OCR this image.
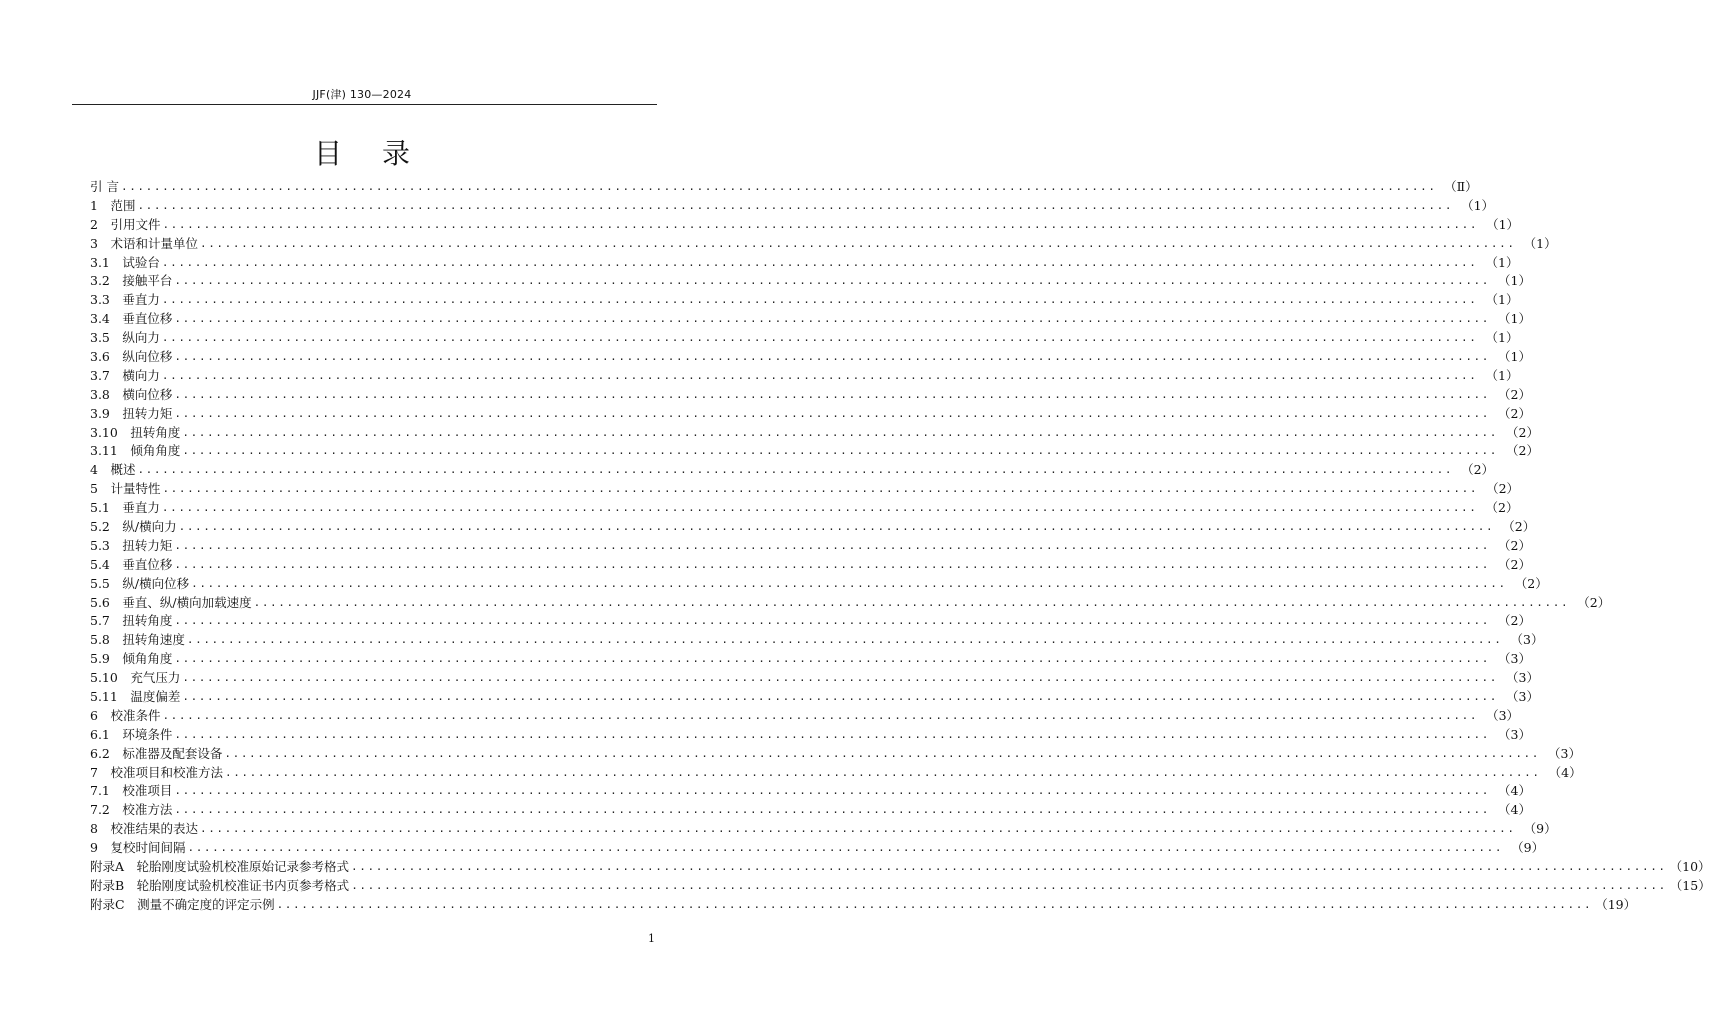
JJF(津) 130—2024
目录
引 言 ................................................................................................................................................................ （Ⅱ）
1　范围 ................................................................................................................................................................ （1）
2　引用文件 ................................................................................................................................................................ （1）
3　术语和计量单位 ................................................................................................................................................................ （1）
3.1　试验台 ................................................................................................................................................................ （1）
3.2　接触平台 ................................................................................................................................................................ （1）
3.3　垂直力 ................................................................................................................................................................ （1）
3.4　垂直位移 ................................................................................................................................................................ （1）
3.5　纵向力 ................................................................................................................................................................ （1）
3.6　纵向位移 ................................................................................................................................................................ （1）
3.7　横向力 ................................................................................................................................................................ （1）
3.8　横向位移 ................................................................................................................................................................ （2）
3.9　扭转力矩 ................................................................................................................................................................ （2）
3.10　扭转角度 ................................................................................................................................................................ （2）
3.11　倾角角度 ................................................................................................................................................................ （2）
4　概述 ................................................................................................................................................................ （2）
5　计量特性 ................................................................................................................................................................ （2）
5.1　垂直力 ................................................................................................................................................................ （2）
5.2　纵/横向力 ................................................................................................................................................................ （2）
5.3　扭转力矩 ................................................................................................................................................................ （2）
5.4　垂直位移 ................................................................................................................................................................ （2）
5.5　纵/横向位移 ................................................................................................................................................................ （2）
5.6　垂直、纵/横向加载速度 ................................................................................................................................................................ （2）
5.7　扭转角度 ................................................................................................................................................................ （2）
5.8　扭转角速度 ................................................................................................................................................................ （3）
5.9　倾角角度 ................................................................................................................................................................ （3）
5.10　充气压力 ................................................................................................................................................................ （3）
5.11　温度偏差 ................................................................................................................................................................ （3）
6　校准条件 ................................................................................................................................................................ （3）
6.1　环境条件 ................................................................................................................................................................ （3）
6.2　标准器及配套设备 ................................................................................................................................................................ （3）
7　校准项目和校准方法 ................................................................................................................................................................ （4）
7.1　校准项目 ................................................................................................................................................................ （4）
7.2　校准方法 ................................................................................................................................................................ （4）
8　校准结果的表达 ................................................................................................................................................................ （9）
9　复校时间间隔 ................................................................................................................................................................ （9）
附录A　轮胎刚度试验机校准原始记录参考格式 ................................................................................................................................................................ （10）
附录B　轮胎刚度试验机校准证书内页参考格式 ................................................................................................................................................................ （15）
附录C　测量不确定度的评定示例 ................................................................................................................................................................ （19）
1
